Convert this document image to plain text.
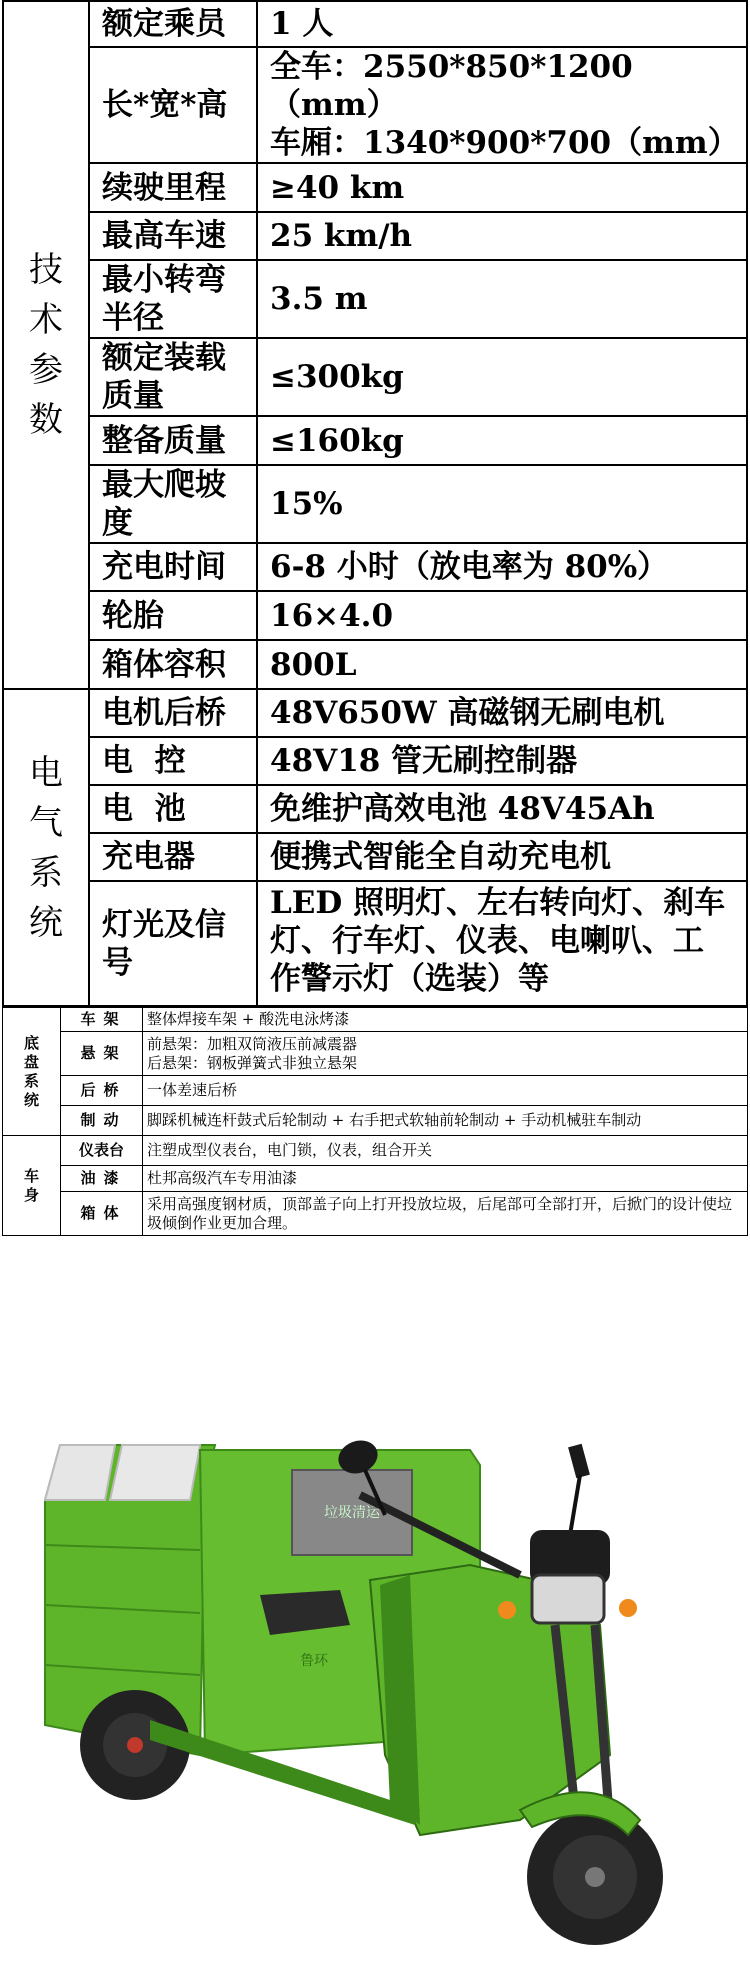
技
术
参
数	额定乘员	1 人
	长*宽*高	全车：2550*850*1200（mm）
车厢：1340*900*700（mm）

	续驶里程	≥40 km
	最高车速	25 km/h
	最小转弯半径	3.5 m
	额定装载质量	≤300kg
	整备质量	≤160kg
	最大爬坡度	15%
	充电时间	6-8 小时（放电率为 80%）
	轮胎	16×4.0
	箱体容积	800L

电
气
系
统	电机后桥	48V650W 高磁钢无刷电机
	电  控	48V18 管无刷控制器
	电  池	免维护高效电池 48V45Ah
	充电器	便携式智能全自动充电机
	灯光及信号	LED 照明灯、左右转向灯、刹车灯、行车灯、仪表、电喇叭、工作警示灯（选装）等
底
盘
系
统	车架	整体焊接车架 + 酸洗电泳烤漆
	悬架	前悬架：加粗双筒液压前减震器
后悬架：钢板弹簧式非独立悬架

	后桥	一体差速后桥
	制动	脚踩机械连杆鼓式后轮制动 + 右手把式软轴前轮制动 + 手动机械驻车制动

车
身	仪表台	注塑成型仪表台，电门锁，仪表，组合开关
	油漆	杜邦高级汽车专用油漆
	箱体	采用高强度钢材质，顶部盖子向上打开投放垃圾，后尾部可全部打开，后掀门的设计使垃圾倾倒作业更加合理。
垃圾清运
鲁环
